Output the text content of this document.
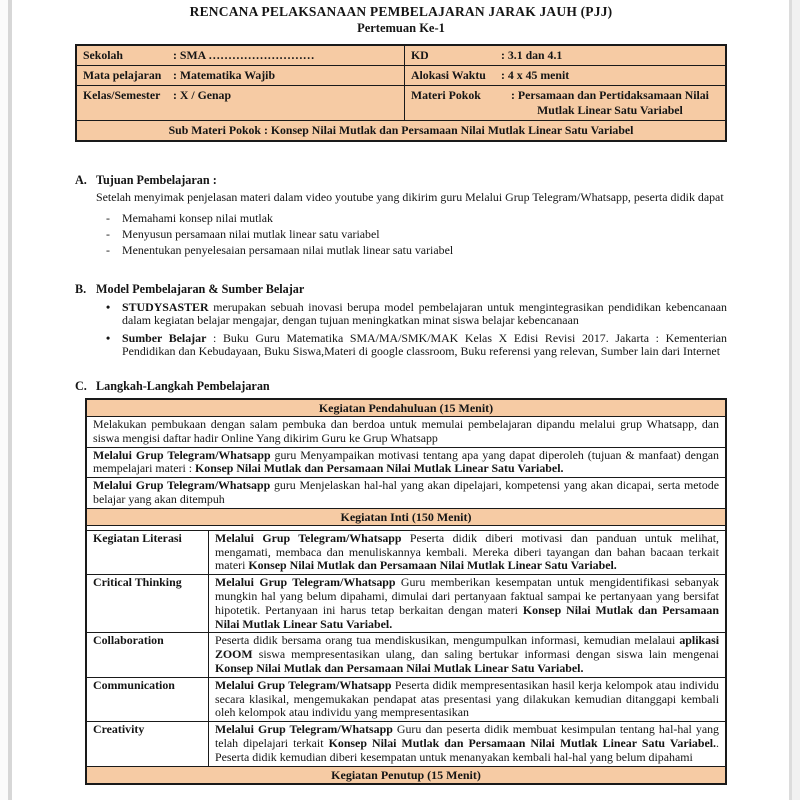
RENCANA PELAKSANAAN PEMBELAJARAN JARAK JAUH (PJJ)
Pertemuan Ke-1
Sekolah	: SMA ………………………	KD	: 3.1 dan 4.1
Mata pelajaran : Matematika Wajib	Alokasi Waktu	: 4 x 45 menit
Kelas/Semester	: X / Genap	Materi Pokok	: Persamaan dan Pertidaksamaan Nilai Mutlak Linear Satu Variabel
Sub Materi Pokok : Konsep Nilai Mutlak dan Persamaan Nilai Mutlak Linear Satu Variabel
A. Tujuan Pembelajaran :
Setelah menyimak penjelasan materi dalam video youtube yang dikirim guru Melalui Grup Telegram/Whatsapp, peserta didik dapat
-	Memahami konsep nilai mutlak
-	Menyusun persamaan nilai mutlak linear satu variabel
-	Menentukan penyelesaian persamaan nilai mutlak linear satu variabel
B. Model Pembelajaran & Sumber Belajar
• STUDYSASTER merupakan sebuah inovasi berupa model pembelajaran untuk mengintegrasikan pendidikan kebencanaan dalam kegiatan belajar mengajar, dengan tujuan meningkatkan minat siswa belajar kebencanaan
• Sumber Belajar : Buku Guru Matematika SMA/MA/SMK/MAK Kelas X Edisi Revisi 2017. Jakarta : Kementerian Pendidikan dan Kebudayaan, Buku Siswa,Materi di google classroom, Buku referensi yang relevan, Sumber lain dari Internet
C. Langkah-Langkah Pembelajaran
Kegiatan Pendahuluan (15 Menit)
Melakukan pembukaan dengan salam pembuka dan berdoa untuk memulai pembelajaran dipandu melalui grup Whatsapp, dan siswa mengisi daftar hadir Online Yang dikirim Guru ke Grup Whatsapp
Melalui Grup Telegram/Whatsapp guru Menyampaikan motivasi tentang apa yang dapat diperoleh (tujuan & manfaat) dengan mempelajari materi : Konsep Nilai Mutlak dan Persamaan Nilai Mutlak Linear Satu Variabel.
Melalui Grup Telegram/Whatsapp guru Menjelaskan hal-hal yang akan dipelajari, kompetensi yang akan dicapai, serta metode belajar yang akan ditempuh
Kegiatan Inti (150 Menit)
Kegiatan Literasi	Melalui Grup Telegram/Whatsapp Peserta didik diberi motivasi dan panduan untuk melihat, mengamati, membaca dan menuliskannya kembali. Mereka diberi tayangan dan bahan bacaan terkait materi Konsep Nilai Mutlak dan Persamaan Nilai Mutlak Linear Satu Variabel.
Critical Thinking	Melalui Grup Telegram/Whatsapp Guru memberikan kesempatan untuk mengidentifikasi sebanyak mungkin hal yang belum dipahami, dimulai dari pertanyaan faktual sampai ke pertanyaan yang bersifat hipotetik. Pertanyaan ini harus tetap berkaitan dengan materi Konsep Nilai Mutlak dan Persamaan Nilai Mutlak Linear Satu Variabel.
Collaboration	Peserta didik bersama orang tua mendiskusikan, mengumpulkan informasi, kemudian melalaui aplikasi ZOOM siswa mempresentasikan ulang, dan saling bertukar informasi dengan siswa lain mengenai Konsep Nilai Mutlak dan Persamaan Nilai Mutlak Linear Satu Variabel.
Communication	Melalui Grup Telegram/Whatsapp Peserta didik mempresentasikan hasil kerja kelompok atau individu secara klasikal, mengemukakan pendapat atas presentasi yang dilakukan kemudian ditanggapi kembali oleh kelompok atau individu yang mempresentasikan
Creativity	Melalui Grup Telegram/Whatsapp Guru dan peserta didik membuat kesimpulan tentang hal-hal yang telah dipelajari terkait Konsep Nilai Mutlak dan Persamaan Nilai Mutlak Linear Satu Variabel.. Peserta didik kemudian diberi kesempatan untuk menanyakan kembali hal-hal yang belum dipahami
Kegiatan Penutup (15 Menit)
